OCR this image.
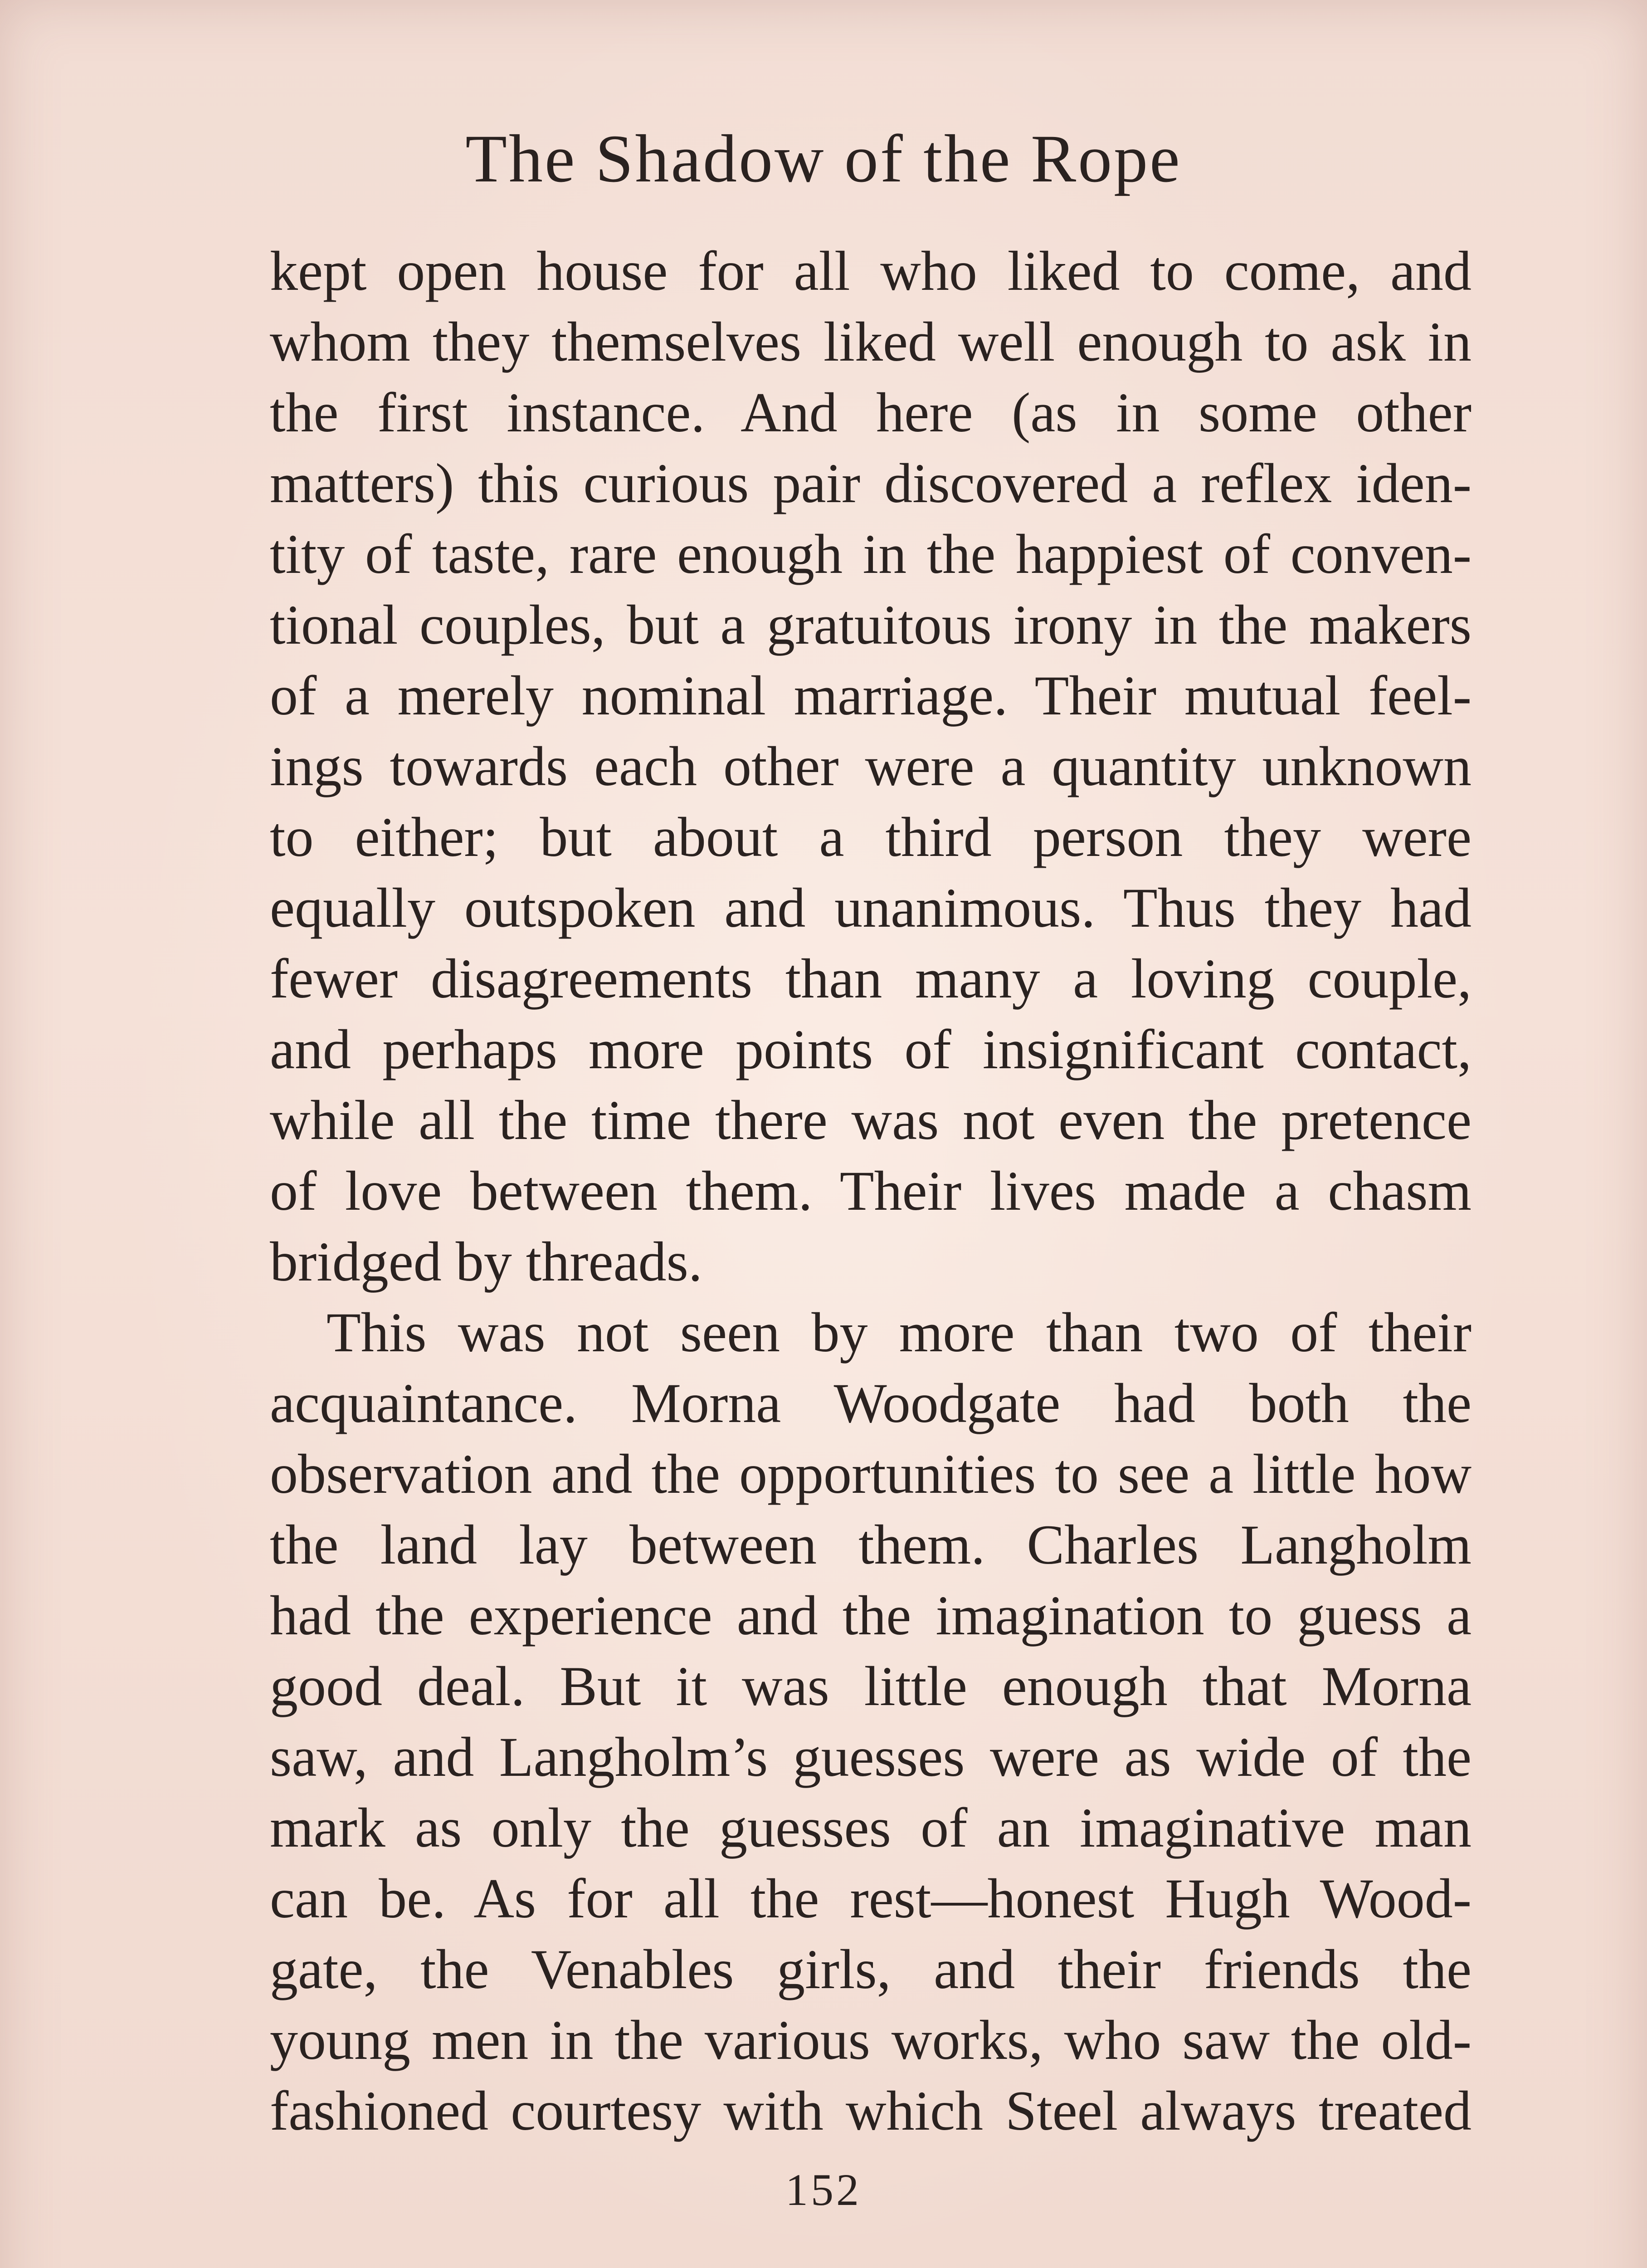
The Shadow of the Rope
kept open house for all who liked to come, and
whom they themselves liked well enough to ask in
the first instance. And here (as in some other
matters) this curious pair discovered a reflex iden-
tity of taste, rare enough in the happiest of conven-
tional couples, but a gratuitous irony in the makers
of a merely nominal marriage. Their mutual feel-
ings towards each other were a quantity unknown
to either; but about a third person they were
equally outspoken and unanimous. Thus they had
fewer disagreements than many a loving couple,
and perhaps more points of insignificant contact,
while all the time there was not even the pretence
of love between them. Their lives made a chasm
bridged by threads.
This was not seen by more than two of their
acquaintance. Morna Woodgate had both the
observation and the opportunities to see a little how
the land lay between them. Charles Langholm
had the experience and the imagination to guess a
good deal. But it was little enough that Morna
saw, and Langholm’s guesses were as wide of the
mark as only the guesses of an imaginative man
can be. As for all the rest—honest Hugh Wood-
gate, the Venables girls, and their friends the
young men in the various works, who saw the old-
fashioned courtesy with which Steel always treated
152
